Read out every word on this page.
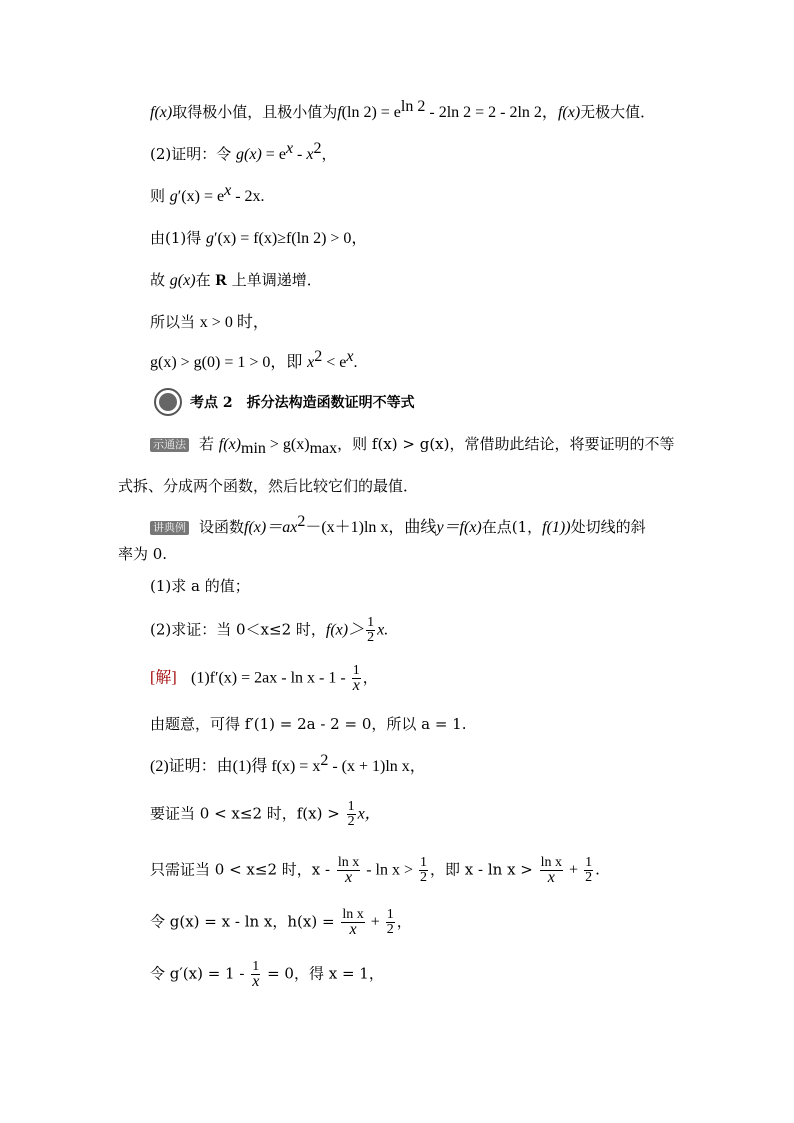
f(x)取得极小值，且极小值为f(ln $2) = e^{ln 2} - 2\ln$ 2 = 2 - 2ln 2，f(x)无极大值．
(2)证明：令 $g(x) = e^x - x^2$，
则 $g'(x) = e^x - 2x$.
由(1)得 g′(x) = f(x)≥f(ln 2) > 0，
故 g(x)在 R 上单调递增．
所以当 x > 0 时，
g(x) > g(0) = 1 > 0，即 $x^2 < e^x$.
考点 2 拆分法构造函数证明不等式
示通法 若 $f(x)_{min} > g(x)_{max}$，则 f(x) > g(x)，常借助此结论，将要证明的不等
式拆、分成两个函数，然后比较它们的最值．
讲典例 设函数$f(x)=ax^2-(x+1)\ln$ x，曲线y＝f(x)在点(1，f(1))处切线的斜
率为 0.
(1)求 a 的值；
(2)求证：当 0＜x≤2 时，$f(x)> \frac{1}{2} x$.
[解] $(1)f'(x) = 2ax - \ln x - 1 - \frac{1}{x}$ ，
由题意，可得 f′(1) = 2a - 2 = 0，所以 a = 1.
(2)证明：由(1)得 $f(x) = x^2 - (x + 1)\ln$ x，
要证当 0 < x≤2 时，$f(x) > \frac{1}{2}$ x，
只需证当 0 < x≤2 时，$x - \frac{\text{ln x}}{x} - \ln x > \frac{1}{2}$ ，即 $x - \ln x > \frac{\text{ln x}}{x} + \frac{1}{2}$ .
令 g(x) = x - ln x，$h(x) = \frac{\text{ln x}}{x} + \frac{1}{2}$ ，
令 $g'(x) = 1 - \frac{1}{x} = 0$，得 x = 1，
